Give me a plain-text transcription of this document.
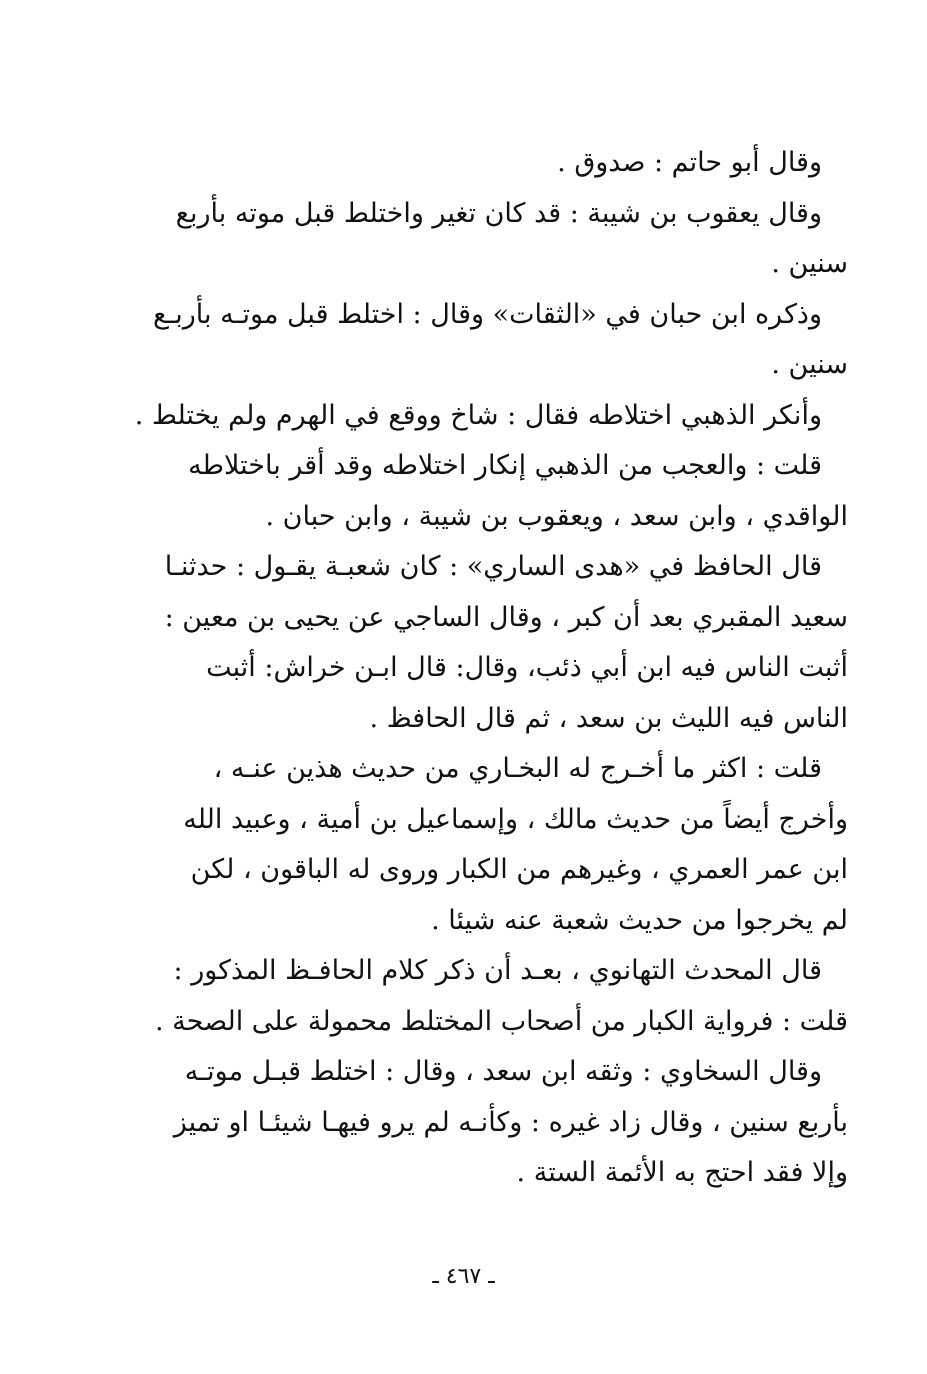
وقال أبو حاتم : صدوق .
وقال يعقوب بن شيبة : قد كان تغير واختلط قبل موته بأربع
سنين .
وذكره ابن حبان في «الثقات» وقال : اختلط قبل موتـه بأربـع
سنين .
وأنكر الذهبي اختلاطه فقال : شاخ ووقع في الهرم ولم يختلط .
قلت : والعجب من الذهبي إنكار اختلاطه وقد أقر باختلاطه
الواقدي ، وابن سعد ، ويعقوب بن شيبة ، وابن حبان .
قال الحافظ في «هدى الساري» : كان شعبـة يقـول : حدثنـا
سعيد المقبري بعد أن كبر ، وقال الساجي عن يحيى بن معين :
أثبت الناس فيه ابن أبي ذئب، وقال: قال ابـن خراش: أثبت
الناس فيه الليث بن سعد ، ثم قال الحافظ .
قلت : اكثر ما أخـرج له البخـاري من حديث هذين عنـه ،
وأخرج أيضاً من حديث مالك ، وإسماعيل بن أمية ، وعبيد الله
ابن عمر العمري ، وغيرهم من الكبار وروى له الباقون ، لكن
لم يخرجوا من حديث شعبة عنه شيئا .
قال المحدث التهانوي ، بعـد أن ذكر كلام الحافـظ المذكور :
قلت : فرواية الكبار من أصحاب المختلط محمولة على الصحة .
وقال السخاوي : وثقه ابن سعد ، وقال : اختلط قبـل موتـه
بأربع سنين ، وقال زاد غيره : وكأنـه لم يرو فيهـا شيئـا او تميز
وإلا فقد احتج به الأئمة الستة .
ـ ٤٦٧ ـ
